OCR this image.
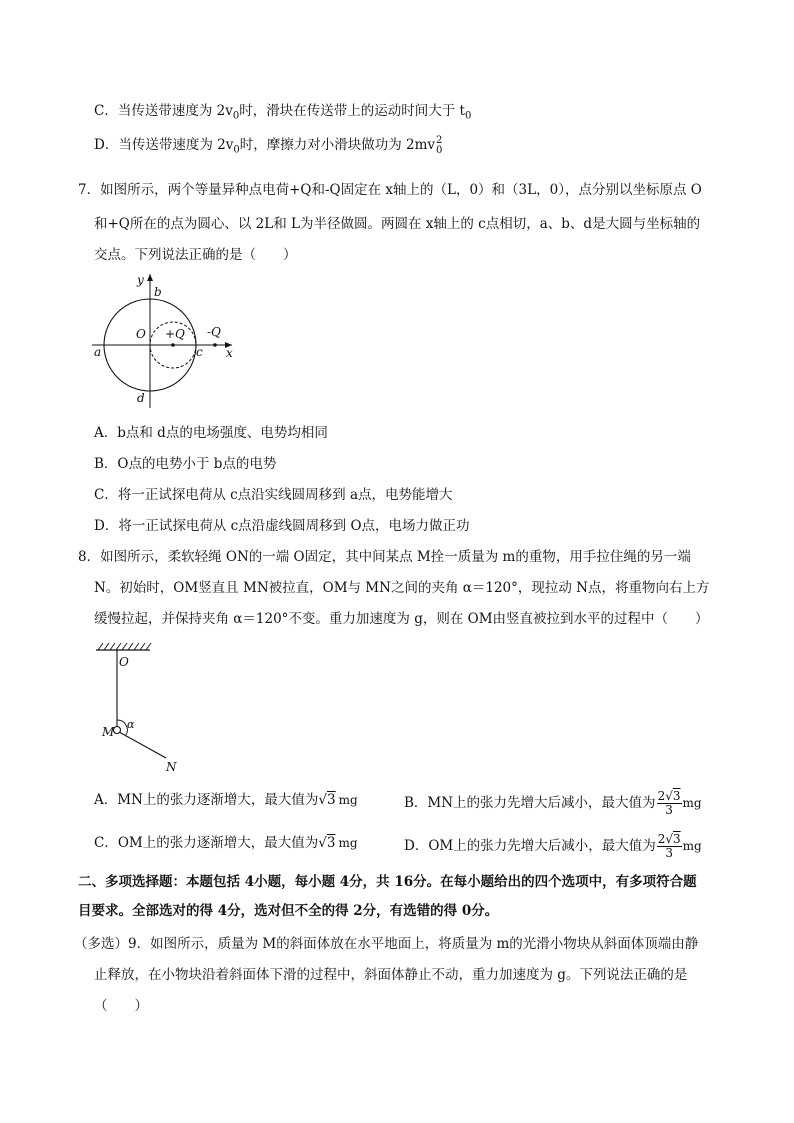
C．当传送带速度为 $2v_0$时，滑块在传送带上的运动时间大于 $t_0$
D．当传送带速度为 $2v_0$时，摩擦力对小滑块做功为 2mv 2
0
7．如图所示，两个等量异种点电荷+Q和-Q固定在 x轴上的（L，0）和（3L，0），点分别以坐标原点 O
和+Q所在的点为圆心、以 2L和 L为半径做圆。两圆在 x轴上的 c点相切，a、b、d是大圆与坐标轴的
交点。下列说法正确的是（　　）
y
b
O +Q -Q
a	c x
d
A．b点和 d点的电场强度、电势均相同
B．O点的电势小于 b点的电势
C．将一正试探电荷从 c点沿实线圆周移到 a点，电势能增大
D．将一正试探电荷从 c点沿虚线圆周移到 O点，电场力做正功
8．如图所示，柔软轻绳 ON的一端 O固定，其中间某点 M拴一质量为 m的重物，用手拉住绳的另一端
N。初始时，OM竖直且 MN被拉直，OM与 MN之间的夹角 α＝120°，现拉动 N点，将重物向右上方
缓慢拉起，并保持夹角 α＝120°不变。重力加速度为 g，则在 OM由竖直被拉到水平的过程中（　　）
O
α
M
N
A．MN上的张力逐渐增大，最大值为√3 mg	B．MN上的张力先增大后减小，最大值为 $\frac{2√3}{3}$ mg
C．OM上的张力逐渐增大，最大值为√3 mg	D．OM上的张力先增大后减小，最大值为 $\frac{2√3}{3}$ mg
二、多项选择题：本题包括 4小题，每小题 4分，共 16分。在每小题给出的四个选项中，有多项符合题
目要求。全部选对的得 4分，选对但不全的得 2分，有选错的得 0分。
（多选）9．如图所示，质量为 M的斜面体放在水平地面上，将质量为 m的光滑小物块从斜面体顶端由静
止释放，在小物块沿着斜面体下滑的过程中，斜面体静止不动，重力加速度为 g。下列说法正确的是
（　　）
